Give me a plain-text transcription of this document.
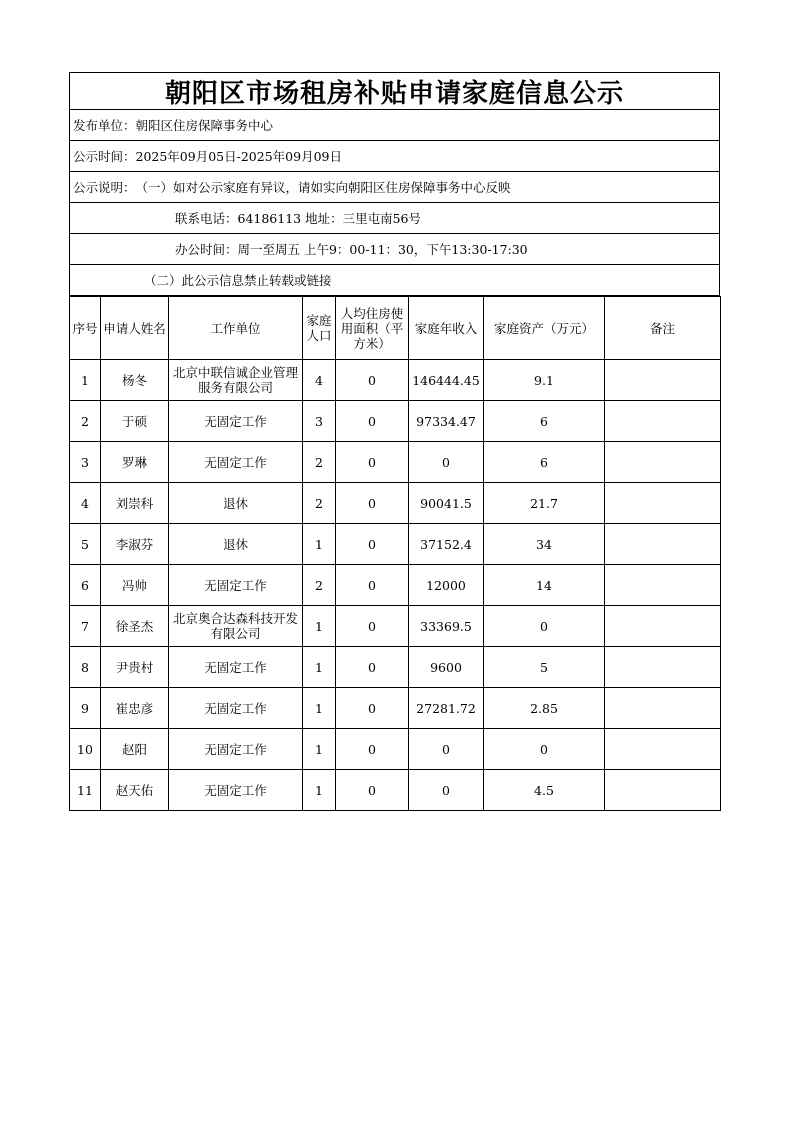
朝阳区市场租房补贴申请家庭信息公示
发布单位：朝阳区住房保障事务中心
公示时间：2025年09月05日-2025年09月09日
公示说明： （一）如对公示家庭有异议，请如实向朝阳区住房保障事务中心反映
联系电话：64186113 地址：三里屯南56号
办公时间：周一至周五 上午9：00-11：30，下午13:30-17:30
（二）此公示信息禁止转载或链接
序号	申请人姓名	工作单位	家庭人口	人均住房使用面积（平方米）	家庭年收入	家庭资产（万元）	备注
1	杨冬	北京中联信诚企业管理服务有限公司	4	0	146444.45	9.1	
2	于硕	无固定工作	3	0	97334.47	6	
3	罗琳	无固定工作	2	0	0	6	
4	刘崇科	退休	2	0	90041.5	21.7	
5	李淑芬	退休	1	0	37152.4	34	
6	冯帅	无固定工作	2	0	12000	14	
7	徐圣杰	北京奥合达森科技开发有限公司	1	0	33369.5	0	
8	尹贵村	无固定工作	1	0	9600	5	
9	崔忠彦	无固定工作	1	0	27281.72	2.85	
10	赵阳	无固定工作	1	0	0	0	
11	赵天佑	无固定工作	1	0	0	4.5	
